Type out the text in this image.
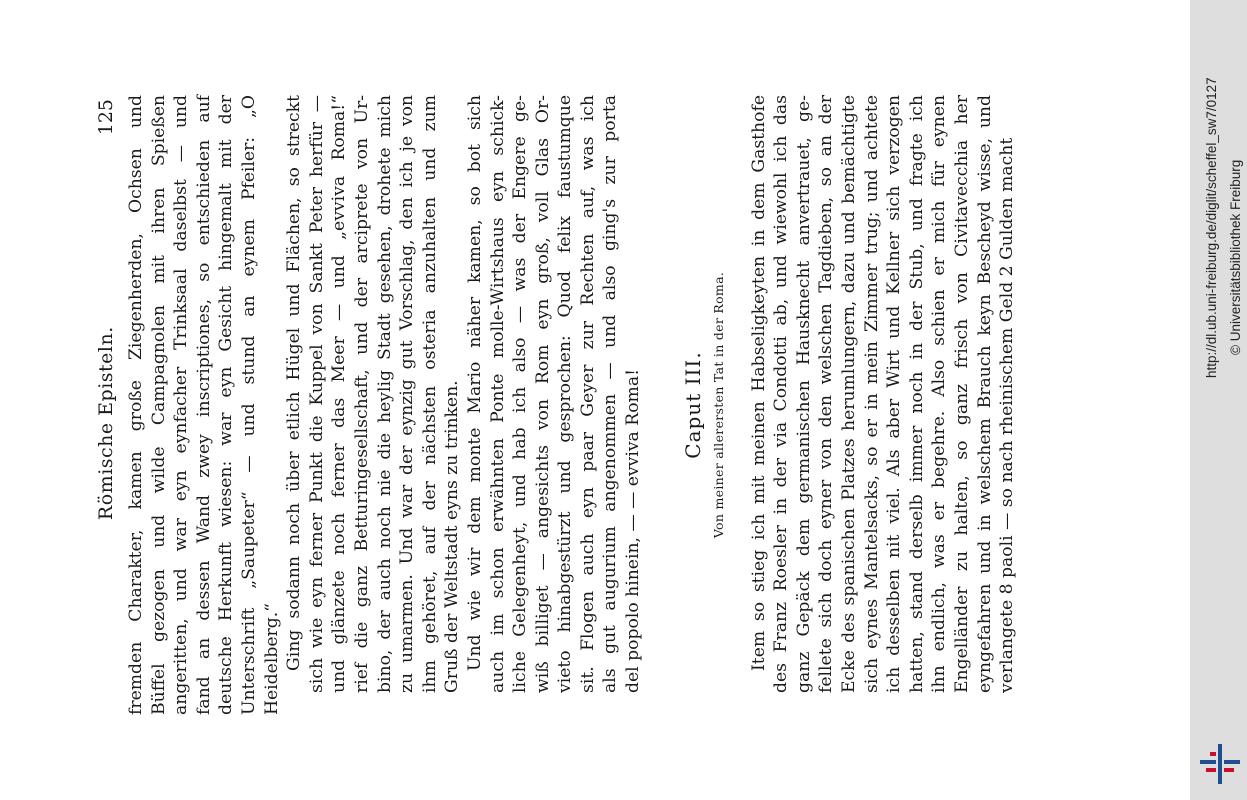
Römische Episteln.
125 fremden Charakter, kamen große Ziegenherden, Ochsen und Büffel gezogen und wilde Campagnolen mit ihren Spießen angeritten, und war eyn eynfacher Trinksaal daselbst — und fand an dessen Wand zwey inscriptiones, so entschieden auf deutsche Herkunft wiesen: war eyn Gesicht hingemalt mit der Unterschrift „Saupeter“ — und stund an eynem Pfeiler: „O Heidelberg.“ Ging sodann noch über etlich Hügel und Flächen, so streckt sich wie eyn ferner Punkt die Kuppel von Sankt Peter herfür — und glänzete noch ferner das Meer — und „evviva Roma!“ rief die ganz Betturingesellschaft, und der arciprete von Ur- bino, der auch noch nie die heylig Stadt gesehen, drohete mich zu umarmen. Und war der eynzig gut Vorschlag, den ich je von ihm gehöret, auf der nächsten osteria anzuhalten und zum Gruß der Weltstadt eyns zu trinken. Und wie wir dem monte Mario näher kamen, so bot sich auch im schon erwähnten Ponte molle-Wirtshaus eyn schick- liche Gelegenheyt, und hab ich also — was der Engere ge- wiß billiget — angesichts von Rom eyn groß, voll Glas Or- vieto hinabgestürzt und gesprochen: Quod felix faustumque sit. Flogen auch eyn paar Geyer zur Rechten auf, was ich als gut augurium angenommen — und also ging's zur porta del popolo hinein, — — evviva Roma! Caput III. Von meiner allerersten Tat in der Roma. Item so stieg ich mit meinen Habseligkeyten in dem Gasthofe des Franz Roesler in der via Condotti ab, und wiewohl ich das ganz Gepäck dem germanischen Hausknecht anvertrauet, ge- fellete sich doch eyner von den welschen Tagdieben, so an der Ecke des spanischen Platzes herumlungern, dazu und bemächtigte sich eynes Mantelsacks, so er in mein Zimmer trug; und achtete ich desselben nit viel. Als aber Wirt und Kellner sich verzogen hatten, stand derselb immer noch in der Stub, und fragte ich ihn endlich, was er begehre. Also schien er mich für eynen Engelländer zu halten, so ganz frisch von Civitavecchia her eyngefahren und in welschem Brauch keyn Bescheyd wisse, und verlangete 8 paoli — so nach rheinischem Geld 2 Gulden macht	http://dl.ub.uni-freiburg.de/diglit/scheffel_sw7/0127 © Universitätsbibliothek Freiburg
